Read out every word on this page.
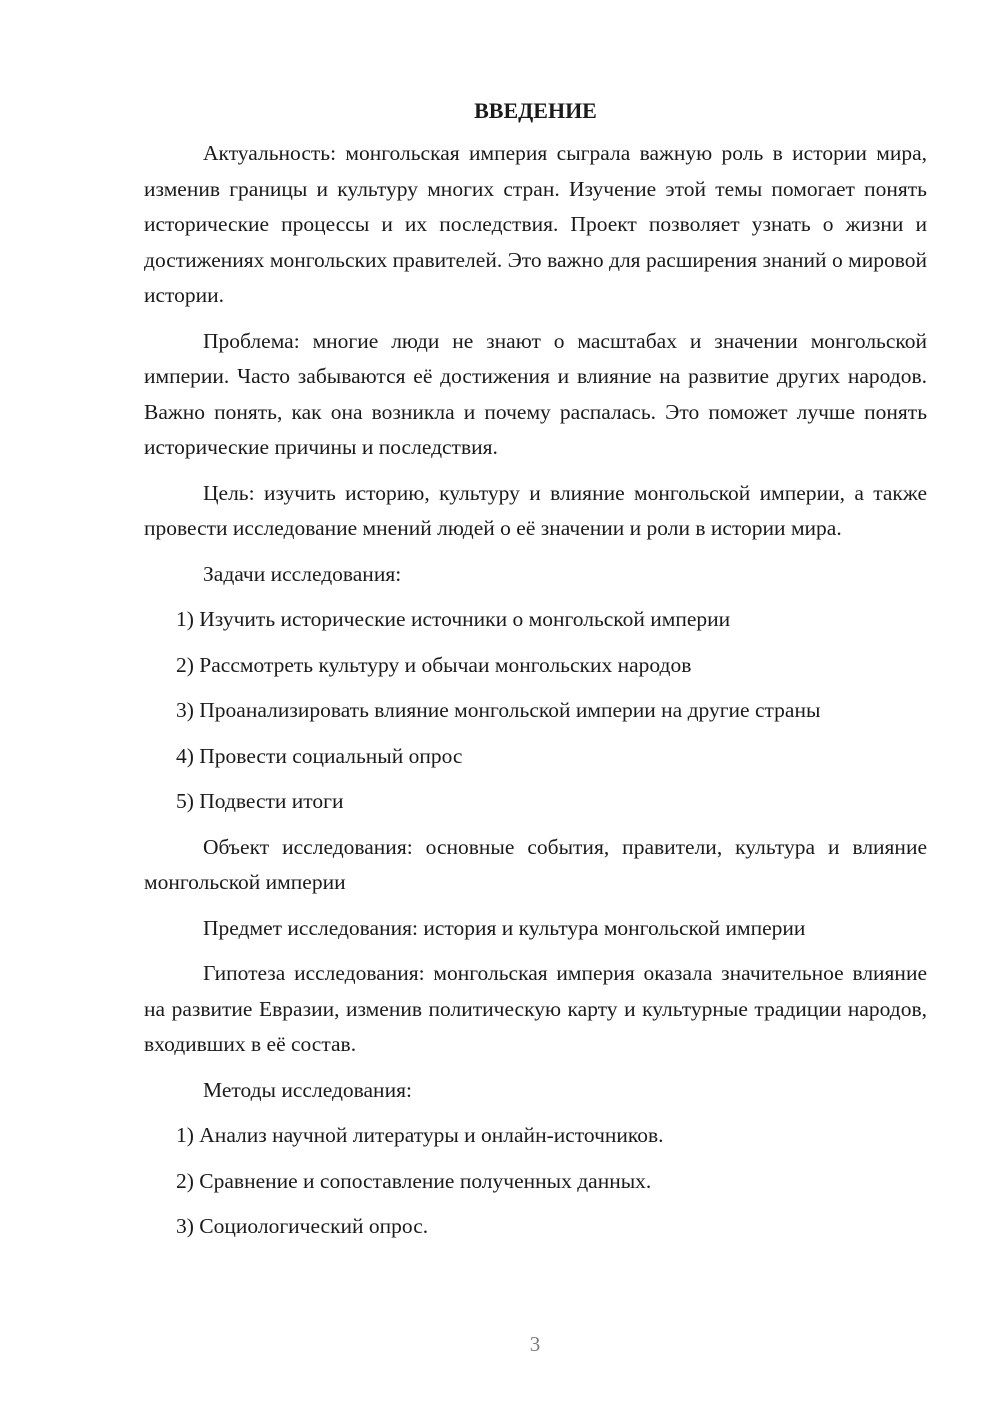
ВВЕДЕНИЕ

Актуальность: монгольская империя сыграла важную роль в истории мира, изменив границы и культуру многих стран. Изучение этой темы помогает понять исторические процессы и их последствия. Проект позволяет узнать о жизни и достижениях монгольских правителей. Это важно для расширения знаний о мировой истории.

Проблема: многие люди не знают о масштабах и значении монгольской империи. Часто забываются её достижения и влияние на развитие других народов. Важно понять, как она возникла и почему распалась. Это поможет лучше понять исторические причины и последствия.

Цель: изучить историю, культуру и влияние монгольской империи, а также провести исследование мнений людей о её значении и роли в истории мира.

Задачи исследования:

1) Изучить исторические источники о монгольской империи
2) Рассмотреть культуру и обычаи монгольских народов
3) Проанализировать влияние монгольской империи на другие страны
4) Провести социальный опрос
5) Подвести итоги

Объект исследования: основные события, правители, культура и влияние монгольской империи

Предмет исследования: история и культура монгольской империи

Гипотеза исследования: монгольская империя оказала значительное влияние на развитие Евразии, изменив политическую карту и культурные традиции народов, входивших в её состав.

Методы исследования:

1) Анализ научной литературы и онлайн-источников.
2) Сравнение и сопоставление полученных данных.
3) Социологический опрос.
3
